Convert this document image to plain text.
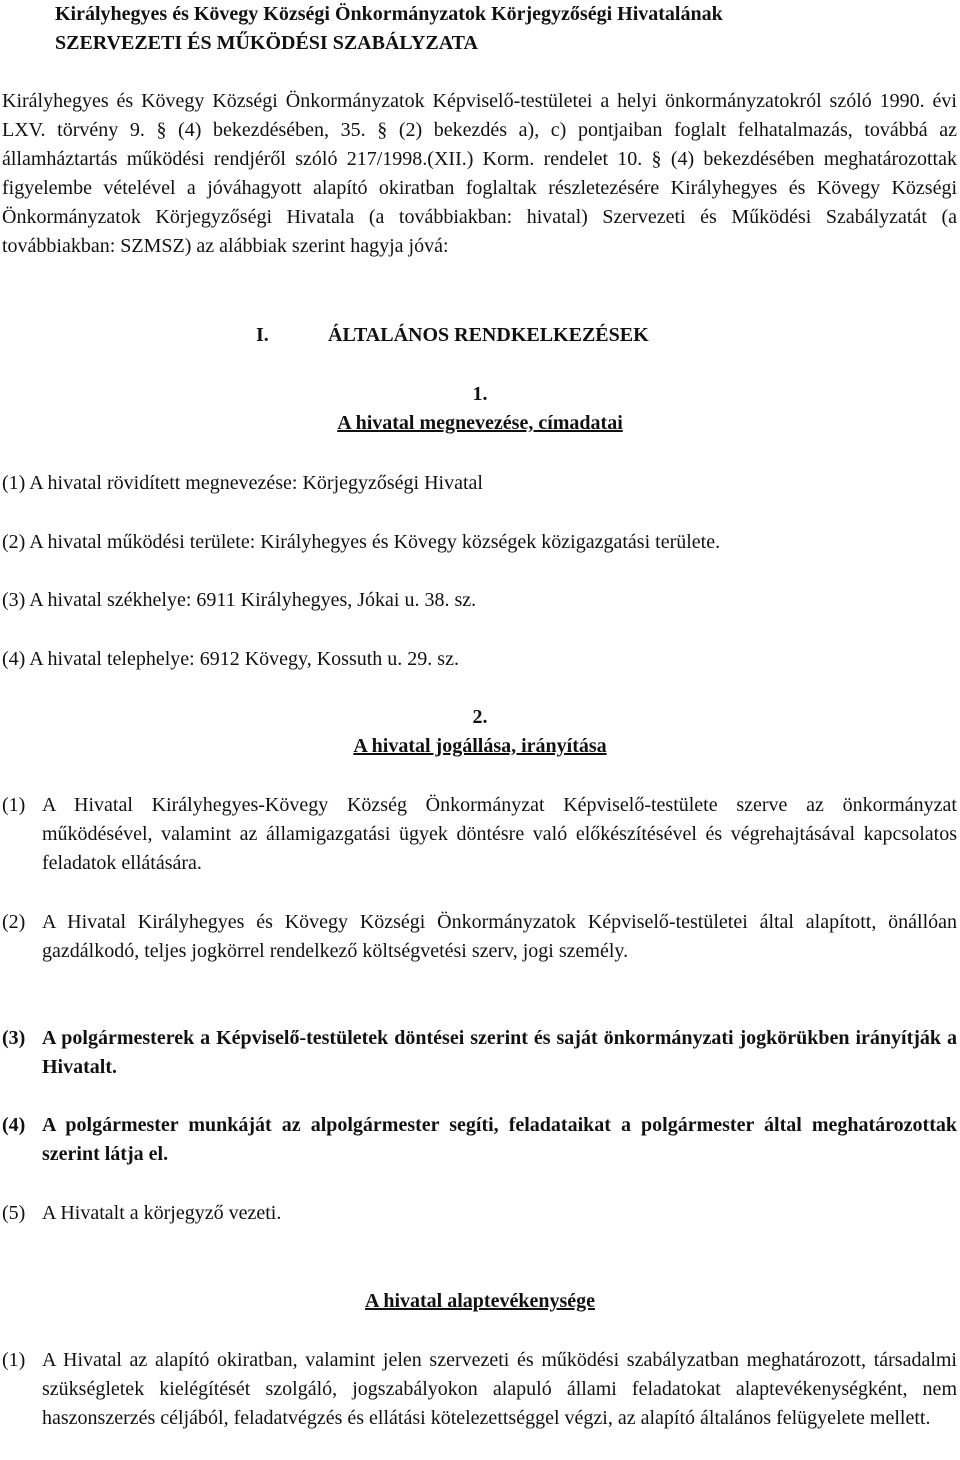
Királyhegyes és Kövegy Községi Önkormányzatok Körjegyzőségi Hivatalának

SZERVEZETI ÉS MŰKÖDÉSI SZABÁLYZATA

Királyhegyes és Kövegy Községi Önkormányzatok Képviselő-testületei a helyi önkormányzatokról szóló 1990. évi LXV. törvény 9. § (4) bekezdésében, 35. § (2) bekezdés a), c) pontjaiban foglalt felhatalmazás, továbbá az államháztartás működési rendjéről szóló 217/1998.(XII.) Korm. rendelet 10. § (4) bekezdésében meghatározottak figyelembe vételével a jóváhagyott alapító okiratban foglaltak részletezésére Királyhegyes és Kövegy Községi Önkormányzatok Körjegyzőségi Hivatala (a továbbiakban: hivatal) Szervezeti és Működési Szabályzatát (a továbbiakban: SZMSZ) az alábbiak szerint hagyja jóvá:

I.	ÁLTALÁNOS RENDKELKEZÉSEK

1.

A hivatal megnevezése, címadatai

(1) A hivatal rövidített megnevezése: Körjegyzőségi Hivatal

(2) A hivatal működési területe: Királyhegyes és Kövegy községek közigazgatási területe.

(3) A hivatal székhelye: 6911 Királyhegyes, Jókai u. 38. sz.

(4) A hivatal telephelye: 6912 Kövegy, Kossuth u. 29. sz.

2.

A hivatal jogállása, irányítása

(1) A Hivatal Királyhegyes-Kövegy Község Önkormányzat Képviselő-testülete szerve az önkormányzat működésével, valamint az államigazgatási ügyek döntésre való előkészítésével és végrehajtásával kapcsolatos feladatok ellátására.
(2) A Hivatal Királyhegyes és Kövegy Községi Önkormányzatok Képviselő-testületei által alapított, önállóan gazdálkodó, teljes jogkörrel rendelkező költségvetési szerv, jogi személy.
(3) A polgármesterek a Képviselő-testületek döntései szerint és saját önkormányzati jogkörükben irányítják a Hivatalt.
(4) A polgármester munkáját az alpolgármester segíti, feladataikat a polgármester által meghatározottak szerint látja el.
(5) A Hivatalt a körjegyző vezeti.

A hivatal alaptevékenysége

(1) A Hivatal az alapító okiratban, valamint jelen szervezeti és működési szabályzatban meghatározott, társadalmi szükségletek kielégítését szolgáló, jogszabályokon alapuló állami feladatokat alaptevékenységként, nem haszonszerzés céljából, feladatvégzés és ellátási kötelezettséggel végzi, az alapító általános felügyelete mellett.
